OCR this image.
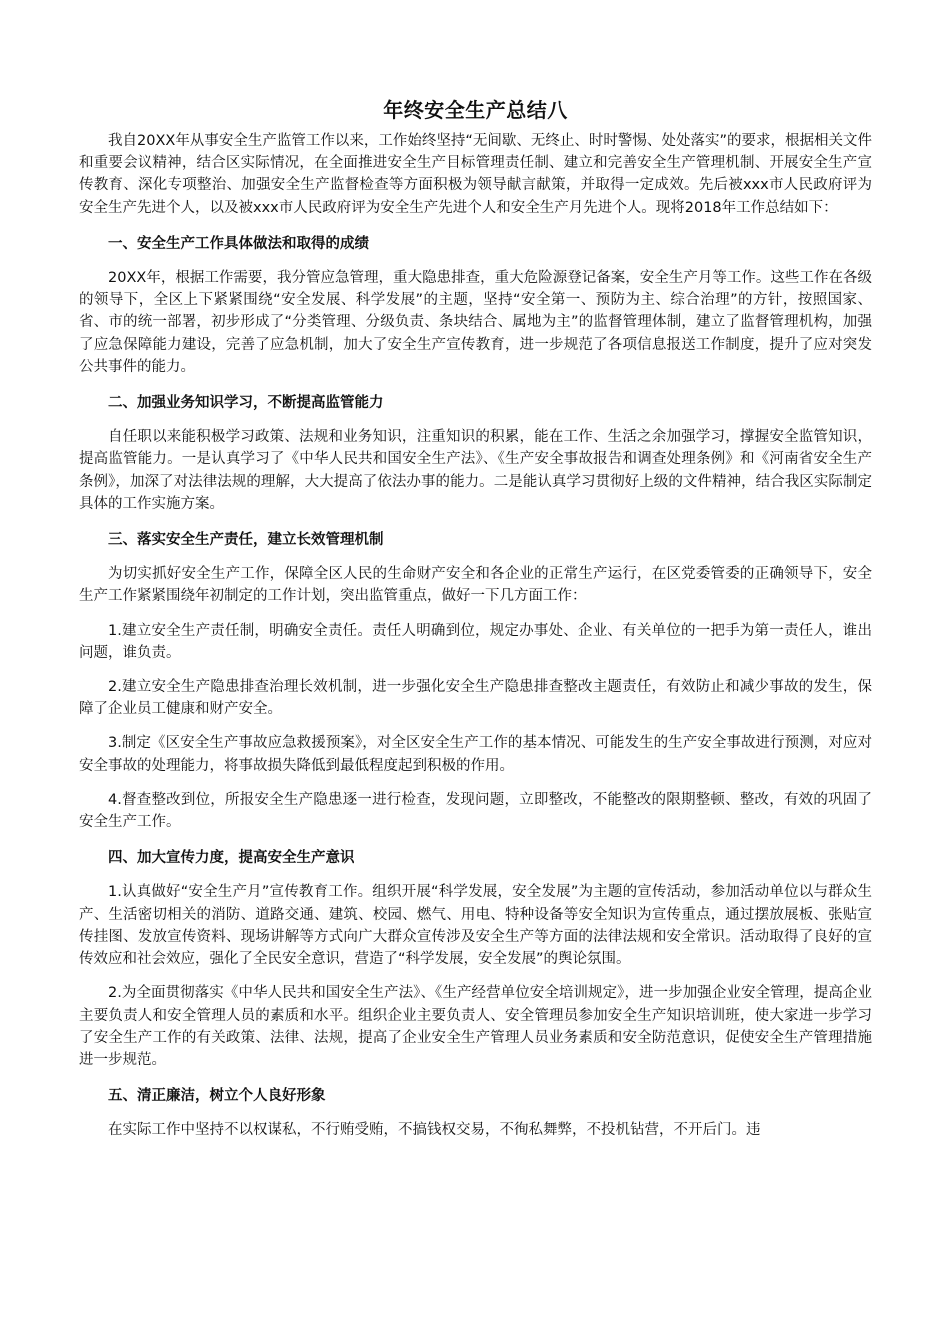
年终安全生产总结八

我自20XX年从事安全生产监管工作以来，工作始终坚持“无间歇、无终止、时时警惕、处处落实”的要求，根据相关文件和重要会议精神，结合区实际情况，在全面推进安全生产目标管理责任制、建立和完善安全生产管理机制、开展安全生产宣传教育、深化专项整治、加强安全生产监督检查等方面积极为领导献言献策，并取得一定成效。先后被xxx市人民政府评为安全生产先进个人，以及被xxx市人民政府评为安全生产先进个人和安全生产月先进个人。现将2018年工作总结如下：

一、安全生产工作具体做法和取得的成绩

20XX年，根据工作需要，我分管应急管理，重大隐患排查，重大危险源登记备案，安全生产月等工作。这些工作在各级的领导下，全区上下紧紧围绕“安全发展、科学发展”的主题，坚持“安全第一、预防为主、综合治理”的方针，按照国家、省、市的统一部署，初步形成了“分类管理、分级负责、条块结合、属地为主”的监督管理体制，建立了监督管理机构，加强了应急保障能力建设，完善了应急机制，加大了安全生产宣传教育，进一步规范了各项信息报送工作制度，提升了应对突发公共事件的能力。

二、加强业务知识学习，不断提高监管能力

自任职以来能积极学习政策、法规和业务知识，注重知识的积累，能在工作、生活之余加强学习，撑握安全监管知识，提高监管能力。一是认真学习了《中华人民共和国安全生产法》、《生产安全事故报告和调查处理条例》和《河南省安全生产条例》，加深了对法律法规的理解，大大提高了依法办事的能力。二是能认真学习贯彻好上级的文件精神，结合我区实际制定具体的工作实施方案。

三、落实安全生产责任，建立长效管理机制

为切实抓好安全生产工作，保障全区人民的生命财产安全和各企业的正常生产运行，在区党委管委的正确领导下，安全生产工作紧紧围绕年初制定的工作计划，突出监管重点，做好一下几方面工作：

1.建立安全生产责任制，明确安全责任。责任人明确到位，规定办事处、企业、有关单位的一把手为第一责任人，谁出问题，谁负责。

2.建立安全生产隐患排查治理长效机制，进一步强化安全生产隐患排查整改主题责任，有效防止和减少事故的发生，保障了企业员工健康和财产安全。

3.制定《区安全生产事故应急救援预案》，对全区安全生产工作的基本情况、可能发生的生产安全事故进行预测，对应对安全事故的处理能力，将事故损失降低到最低程度起到积极的作用。

4.督查整改到位，所报安全生产隐患逐一进行检查，发现问题，立即整改，不能整改的限期整顿、整改，有效的巩固了安全生产工作。

四、加大宣传力度，提高安全生产意识

1.认真做好“安全生产月”宣传教育工作。组织开展“科学发展，安全发展”为主题的宣传活动，参加活动单位以与群众生产、生活密切相关的消防、道路交通、建筑、校园、燃气、用电、特种设备等安全知识为宣传重点，通过摆放展板、张贴宣传挂图、发放宣传资料、现场讲解等方式向广大群众宣传涉及安全生产等方面的法律法规和安全常识。活动取得了良好的宣传效应和社会效应，强化了全民安全意识，营造了“科学发展，安全发展”的舆论氛围。

2.为全面贯彻落实《中华人民共和国安全生产法》、《生产经营单位安全培训规定》，进一步加强企业安全管理，提高企业主要负责人和安全管理人员的素质和水平。组织企业主要负责人、安全管理员参加安全生产知识培训班，使大家进一步学习了安全生产工作的有关政策、法律、法规，提高了企业安全生产管理人员业务素质和安全防范意识，促使安全生产管理措施进一步规范。

五、清正廉洁，树立个人良好形象

在实际工作中坚持不以权谋私，不行贿受贿，不搞钱权交易，不徇私舞弊，不投机钻营，不开后门。违
